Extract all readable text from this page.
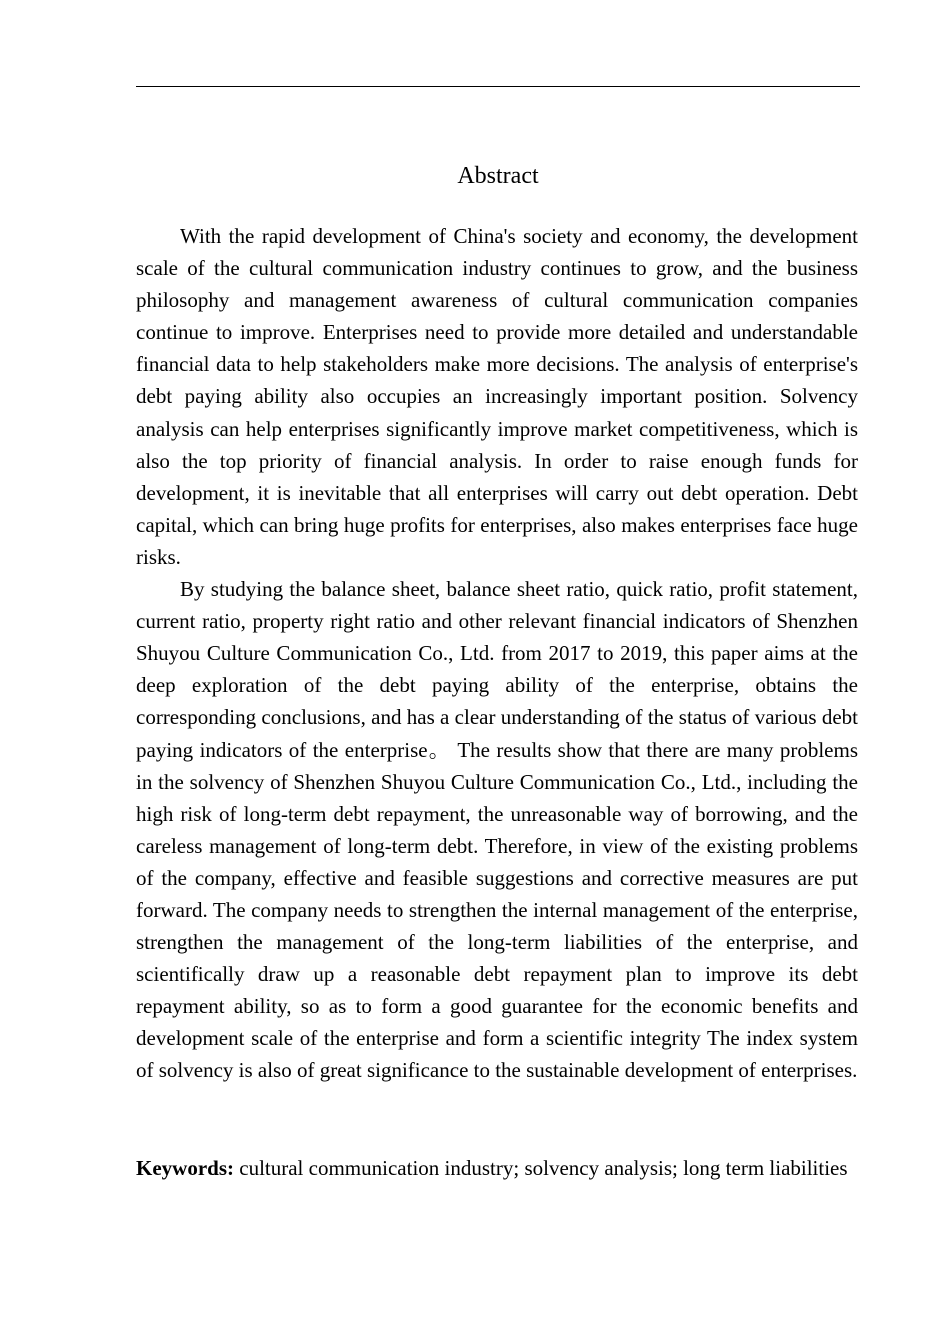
Abstract

With the rapid development of China's society and economy, the development scale of the cultural communication industry continues to grow, and the business philosophy and management awareness of cultural communication companies continue to improve. Enterprises need to provide more detailed and understandable financial data to help stakeholders make more decisions. The analysis of enterprise's debt paying ability also occupies an increasingly important position. Solvency analysis can help enterprises significantly improve market competitiveness, which is also the top priority of financial analysis. In order to raise enough funds for development, it is inevitable that all enterprises will carry out debt operation. Debt capital, which can bring huge profits for enterprises, also makes enterprises face huge risks.

By studying the balance sheet, balance sheet ratio, quick ratio, profit statement, current ratio, property right ratio and other relevant financial indicators of Shenzhen Shuyou Culture Communication Co., Ltd. from 2017 to 2019, this paper aims at the deep exploration of the debt paying ability of the enterprise, obtains the corresponding conclusions, and has a clear understanding of the status of various debt paying indicators of the enterprise。 The results show that there are many problems in the solvency of Shenzhen Shuyou Culture Communication Co., Ltd., including the high risk of long-term debt repayment, the unreasonable way of borrowing, and the careless management of long-term debt. Therefore, in view of the existing problems of the company, effective and feasible suggestions and corrective measures are put forward. The company needs to strengthen the internal management of the enterprise, strengthen the management of the long-term liabilities of the enterprise, and scientifically draw up a reasonable debt repayment plan to improve its debt repayment ability, so as to form a good guarantee for the economic benefits and development scale of the enterprise and form a scientific integrity The index system of solvency is also of great significance to the sustainable development of enterprises.

Keywords: cultural communication industry; solvency analysis; long term liabilities
